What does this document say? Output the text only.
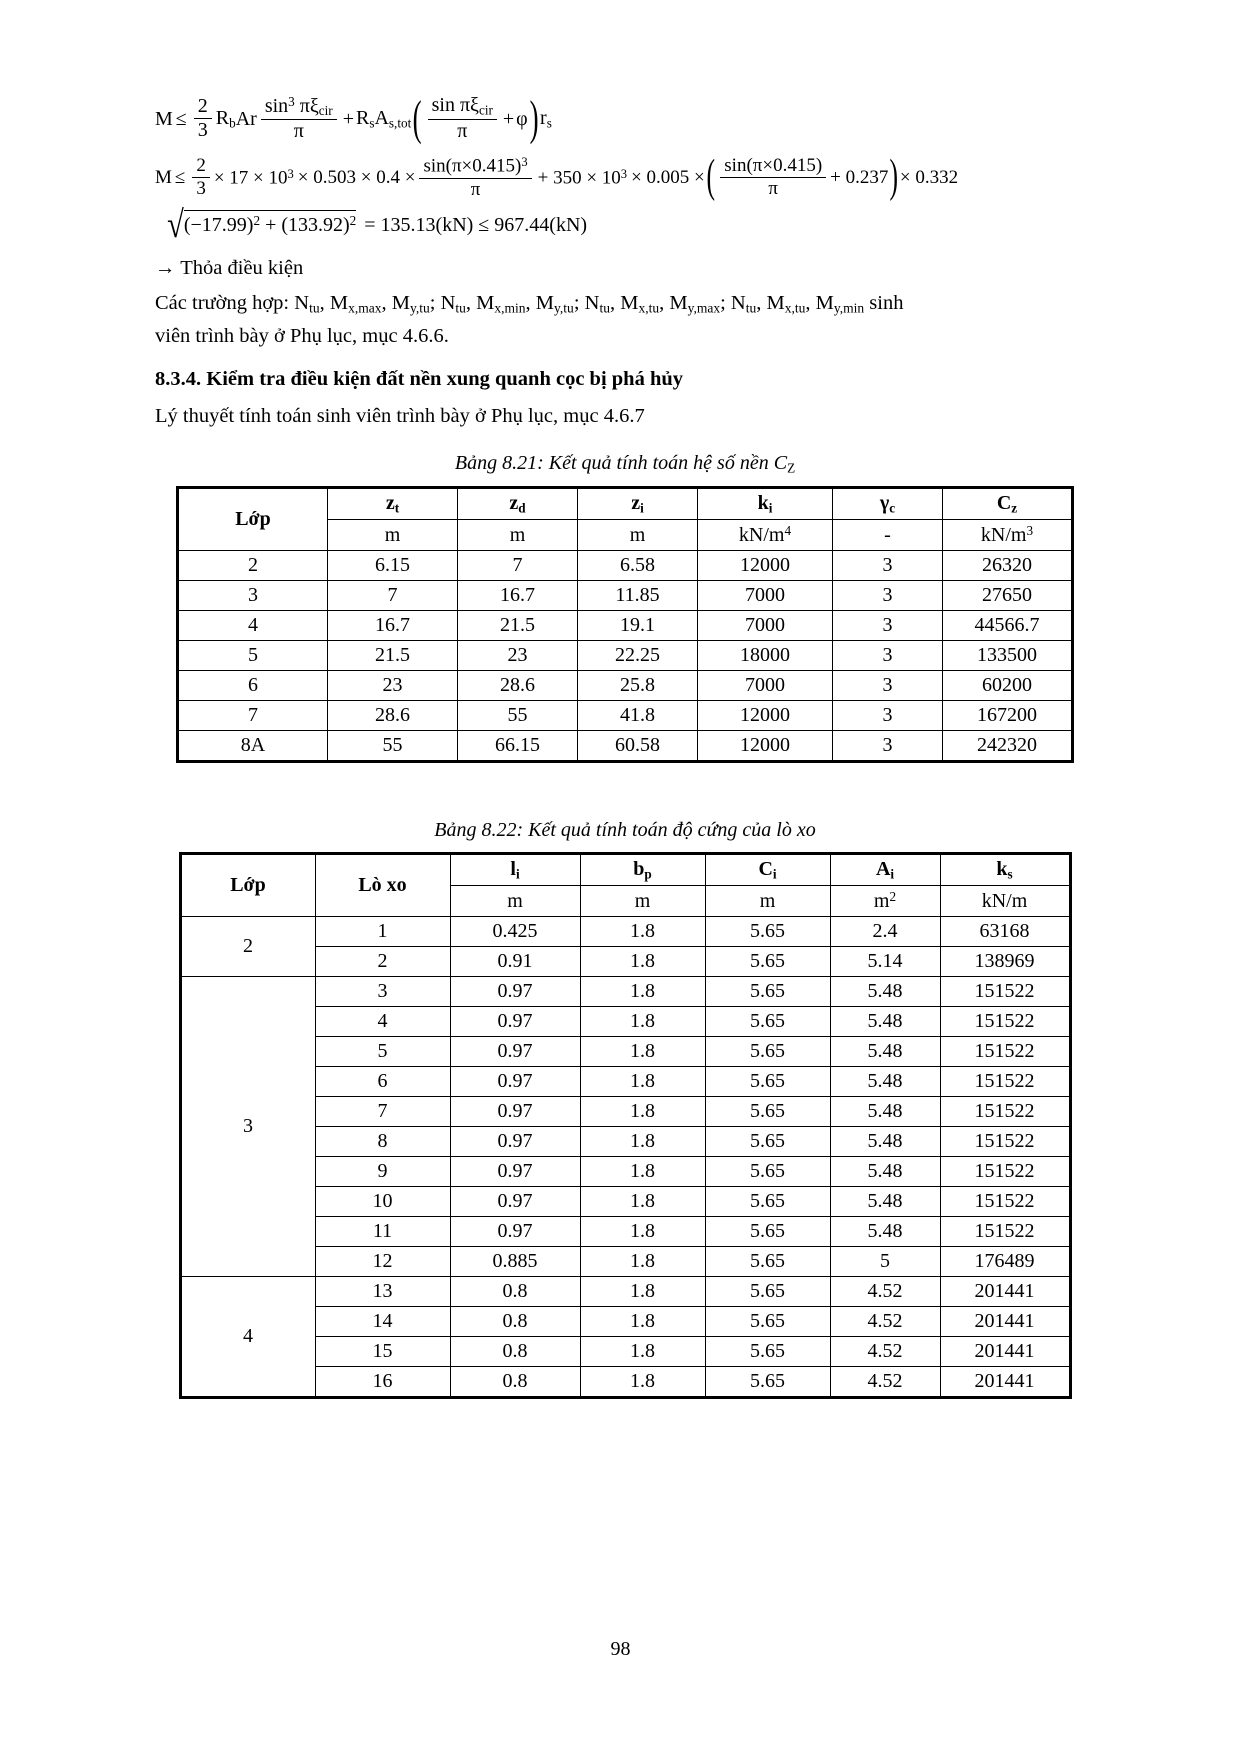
$M \le \frac{2}{3} R_b$ Ar $\frac{\sin^3 \pi\xi_{cir}}{\pi} + R_s$ $A_{s,tot}$ ( $\frac{\sin \pi\xi_{cir}}{\pi} + \varphi$ ) $r_s$
$M \le \frac{2}{3} \times 17 \times 10^3 \times 0.503 \times 0.4 \times \frac{\sin(\pi\times 0.415)^3}{\pi} + 350 \times 10^3 \times 0.005$ × ( $\frac{\sin(\pi\times 0.415)}{\pi} + 0.237$ ) × 0.332
√ $(-17.99)^2 + (133.92)^2 = 135.13(kN) \le 967.44(kN)$

→ Thỏa điều kiện

Các trường hợp: $N_{tu}$, $M_{x,max}$, $M_{y,tu}$; $N_{tu}$, $M_{x,min}$, $M_{y,tu}$; $N_{tu}$, $M_{x,tu}$, $M_{y,max}$; $N_{tu}$, $M_{x,tu}$, $M_{y,min}$ sinh

viên trình bày ở Phụ lục, mục 4.6.6.

8.3.4. Kiểm tra điều kiện đất nền xung quanh cọc bị phá hủy

Lý thuyết tính toán sinh viên trình bày ở Phụ lục, mục 4.6.7

Bảng 8.21: Kết quả tính toán hệ số nền $C_Z$
Lớp	$z_t$	$z_d$	$z_i$	$k_i$	$\gamma_c$	$C_z$
	m	m	m	$kN/m^4$	-	$kN/m^3$
2	6.15	7	6.58	12000	3	26320
3	7	16.7	11.85	7000	3	27650
4	16.7	21.5	19.1	7000	3	44566.7
5	21.5	23	22.25	18000	3	133500
6	23	28.6	25.8	7000	3	60200
7	28.6	55	41.8	12000	3	167200
8A	55	66.15	60.58	12000	3	242320
Bảng 8.22: Kết quả tính toán độ cứng của lò xo
Lớp	Lò xo	$l_i$	$b_p$	$C_i$	$A_i$	$k_s$
		m	m	m	$m^2$	kN/m
2	1	0.425	1.8	5.65	2.4	63168
	2	0.91	1.8	5.65	5.14	138969
3	3	0.97	1.8	5.65	5.48	151522
	4	0.97	1.8	5.65	5.48	151522
	5	0.97	1.8	5.65	5.48	151522
	6	0.97	1.8	5.65	5.48	151522
	7	0.97	1.8	5.65	5.48	151522
	8	0.97	1.8	5.65	5.48	151522
	9	0.97	1.8	5.65	5.48	151522
	10	0.97	1.8	5.65	5.48	151522
	11	0.97	1.8	5.65	5.48	151522
	12	0.885	1.8	5.65	5	176489
4	13	0.8	1.8	5.65	4.52	201441
	14	0.8	1.8	5.65	4.52	201441
	15	0.8	1.8	5.65	4.52	201441
	16	0.8	1.8	5.65	4.52	201441
98
